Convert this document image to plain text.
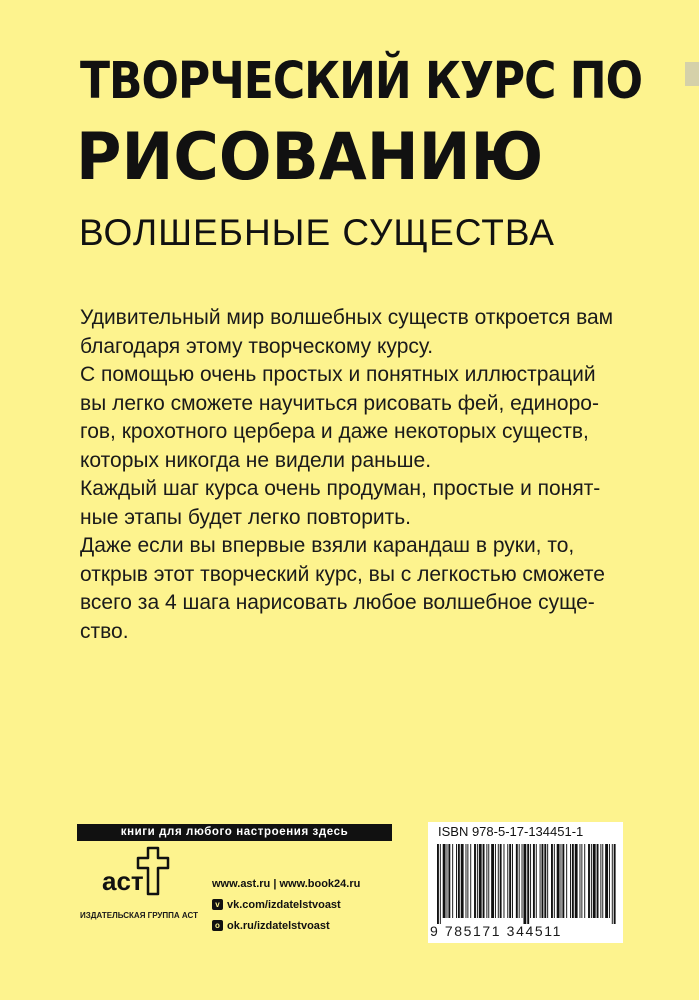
ТВОРЧЕСКИЙ КУРС ПО
РИСОВАНИЮ
ВОЛШЕБНЫЕ СУЩЕСТВА

Удивительный мир волшебных существ откроется вам

благодаря этому творческому курсу.

С помощью очень простых и понятных иллюстраций

вы легко сможете научиться рисовать фей, единоро-

гов, крохотного цербера и даже некоторых существ,

которых никогда не видели раньше.

Каждый шаг курса очень продуман, простые и понят-

ные этапы будет легко повторить.

Даже если вы впервые взяли карандаш в руки, то,

открыв этот творческий курс, вы с легкостью сможете

всего за 4 шага нарисовать любое волшебное суще-

ство.

книги для любого настроения здесь
аст
ИЗДАТЕЛЬСКАЯ ГРУППА АСТ
www.ast.ru | www.book24.ru
v vk.com/izdatelstvoast
o ok.ru/izdatelstvoast
ISBN 978-5-17-134451-1
9 785171 344511
